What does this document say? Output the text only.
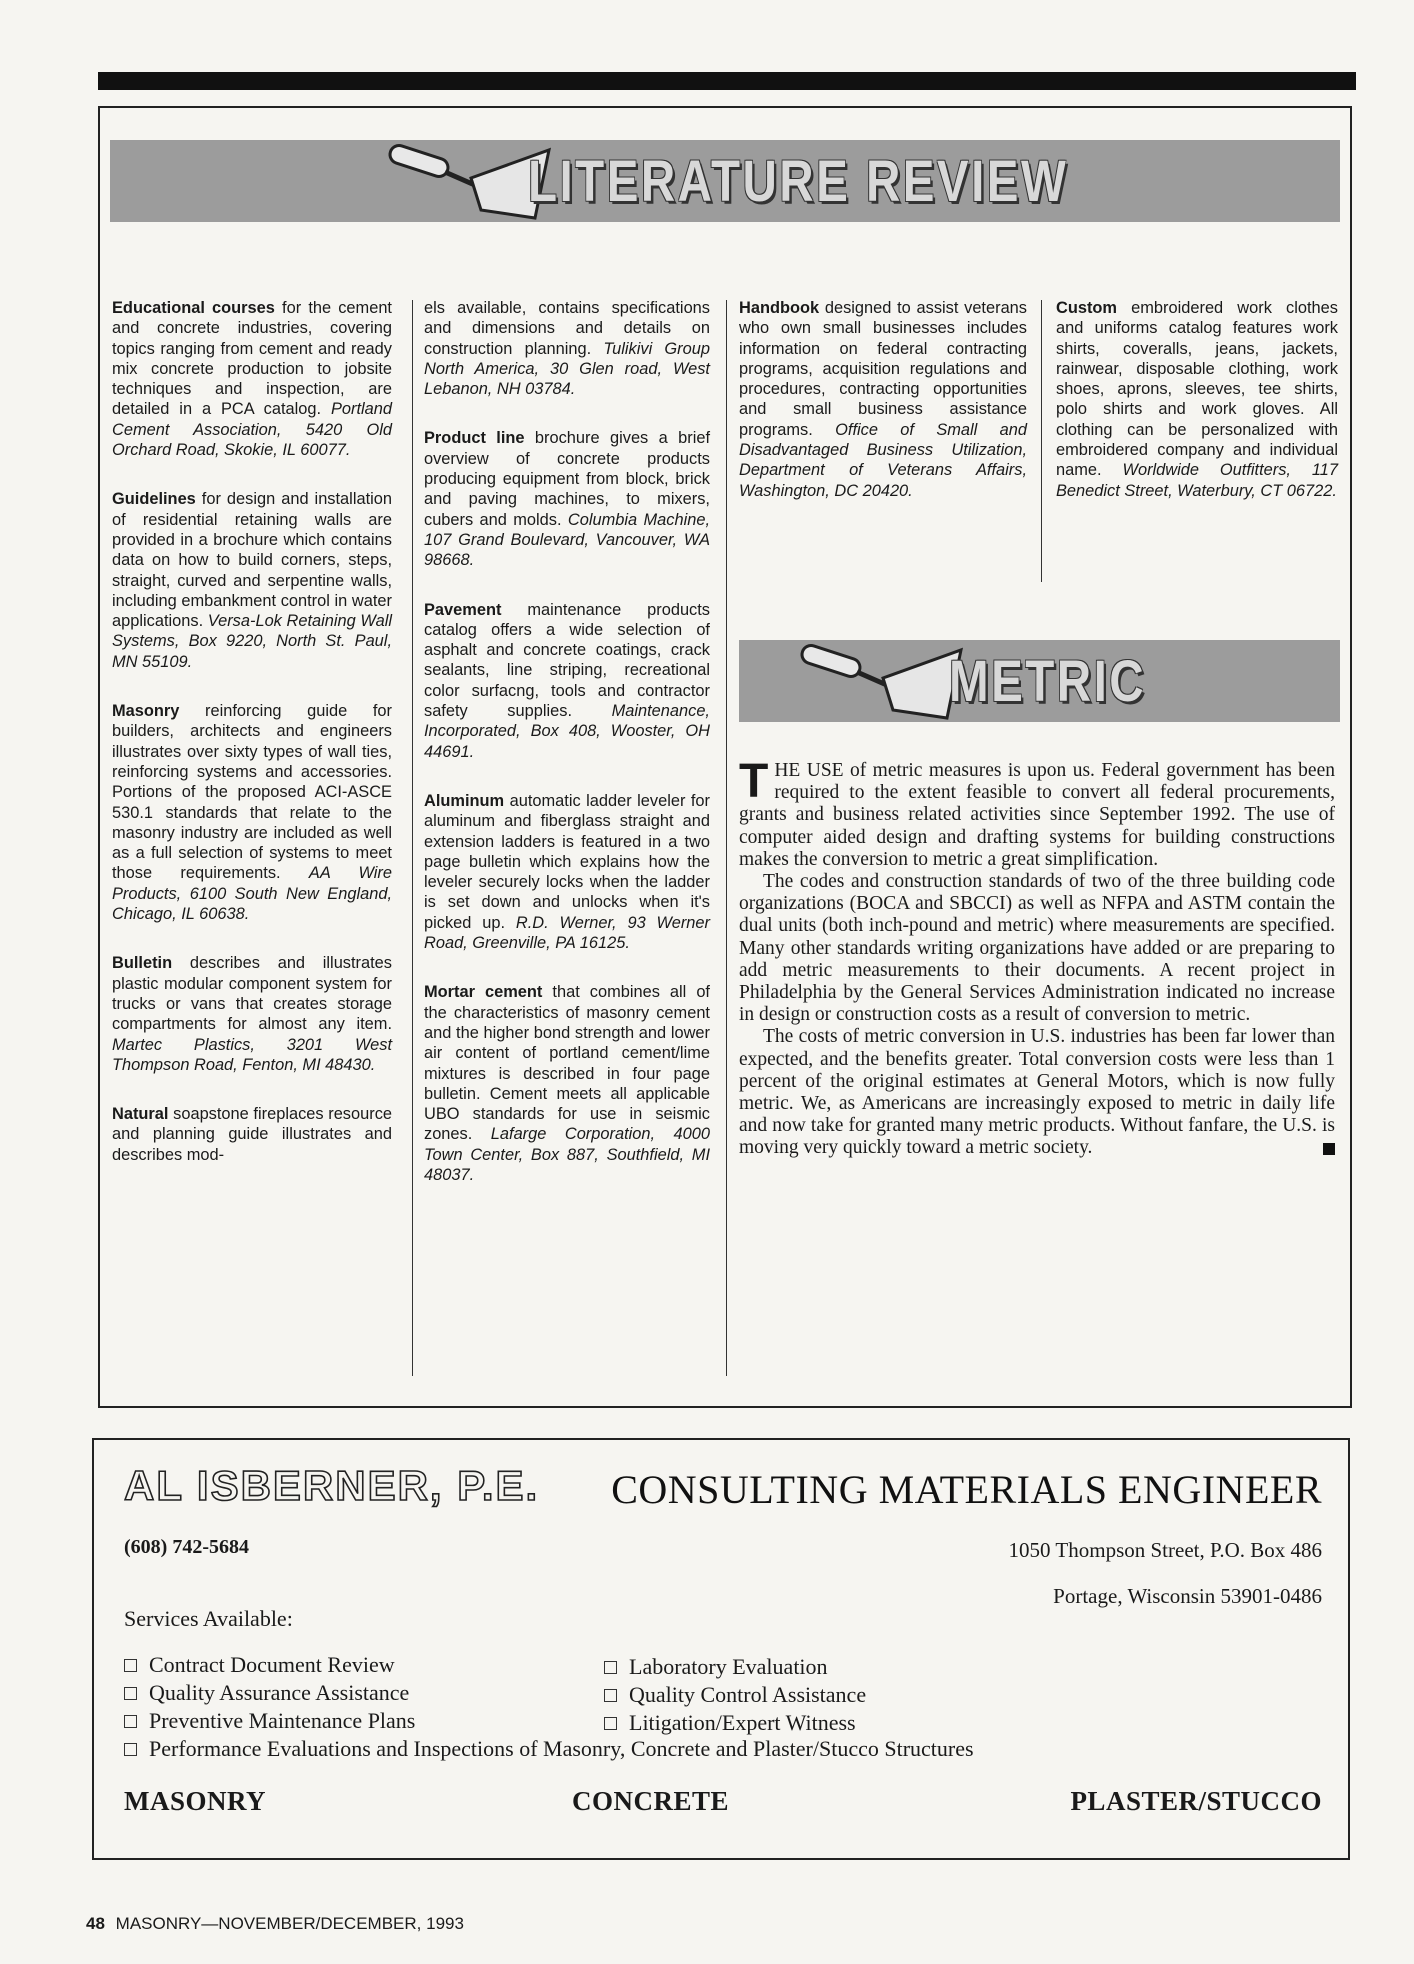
LITERATURE REVIEW

Educational courses for the cement and concrete industries, covering topics ranging from cement and ready mix concrete production to jobsite techniques and inspection, are detailed in a PCA catalog. Portland Cement Association, 5420 Old Orchard Road, Skokie, IL 60077.

Guidelines for design and installation of residential retaining walls are provided in a brochure which contains data on how to build corners, steps, straight, curved and serpentine walls, including embankment control in water applications. Versa-Lok Retaining Wall Systems, Box 9220, North St. Paul, MN 55109.

Masonry reinforcing guide for builders, architects and engineers illustrates over sixty types of wall ties, reinforcing systems and accessories. Portions of the proposed ACI-ASCE 530.1 standards that relate to the masonry industry are included as well as a full selection of systems to meet those requirements. AA Wire Products, 6100 South New England, Chicago, IL 60638.

Bulletin describes and illustrates plastic modular component system for trucks or vans that creates storage compartments for almost any item. Martec Plastics, 3201 West Thompson Road, Fenton, MI 48430.

Natural soapstone fireplaces resource and planning guide illustrates and describes mod-

els available, contains specifications and dimensions and details on construction planning. Tulikivi Group North America, 30 Glen road, West Lebanon, NH 03784.

Product line brochure gives a brief overview of concrete products producing equipment from block, brick and paving machines, to mixers, cubers and molds. Columbia Machine, 107 Grand Boulevard, Vancouver, WA 98668.

Pavement maintenance products catalog offers a wide selection of asphalt and concrete coatings, crack sealants, line striping, recreational color surfacng, tools and contractor safety supplies. Maintenance, Incorporated, Box 408, Wooster, OH 44691.

Aluminum automatic ladder leveler for aluminum and fiberglass straight and extension ladders is featured in a two page bulletin which explains how the leveler securely locks when the ladder is set down and unlocks when it's picked up. R.D. Werner, 93 Werner Road, Greenville, PA 16125.

Mortar cement that combines all of the characteristics of masonry cement and the higher bond strength and lower air content of portland cement/lime mixtures is described in four page bulletin. Cement meets all applicable UBO standards for use in seismic zones. Lafarge Corporation, 4000 Town Center, Box 887, Southfield, MI 48037.

Handbook designed to assist veterans who own small businesses includes information on federal contracting programs, acquisition regulations and procedures, contracting opportunities and small business assistance programs. Office of Small and Disadvantaged Business Utilization, Department of Veterans Affairs, Washington, DC 20420.

Custom embroidered work clothes and uniforms catalog features work shirts, coveralls, jeans, jackets, rainwear, disposable clothing, work shoes, aprons, sleeves, tee shirts, polo shirts and work gloves. All clothing can be personalized with embroidered company and individual name. Worldwide Outfitters, 117 Benedict Street, Waterbury, CT 06722.

METRIC

THE USE of metric measures is upon us. Federal government has been required to the extent feasible to convert all federal procurements, grants and business related activities since September 1992. The use of computer aided design and drafting systems for building constructions makes the conversion to metric a great simplification.

The codes and construction standards of two of the three building code organizations (BOCA and SBCCI) as well as NFPA and ASTM contain the dual units (both inch-pound and metric) where measurements are specified. Many other standards writing organizations have added or are preparing to add metric measurements to their documents. A recent project in Philadelphia by the General Services Administration indicated no increase in design or construction costs as a result of conversion to metric.

The costs of metric conversion in U.S. industries has been far lower than expected, and the benefits greater. Total conversion costs were less than 1 percent of the original estimates at General Motors, which is now fully metric. We, as Americans are increasingly exposed to metric in daily life and now take for granted many metric products. Without fanfare, the U.S. is moving very quickly toward a metric society.

AL ISBERNER, P.E. CONSULTING MATERIALS ENGINEER
(608) 742-5684	1050 Thompson Street, P.O. Box 486
Portage, Wisconsin 53901-0486
Services Available:
Contract Document Review
Quality Assurance Assistance
Preventive Maintenance Plans
Laboratory Evaluation
Quality Control Assistance
Litigation/Expert Witness
Performance Evaluations and Inspections of Masonry, Concrete and Plaster/Stucco Structures
MASONRY	CONCRETE	PLASTER/STUCCO
48 MASONRY—NOVEMBER/DECEMBER, 1993
